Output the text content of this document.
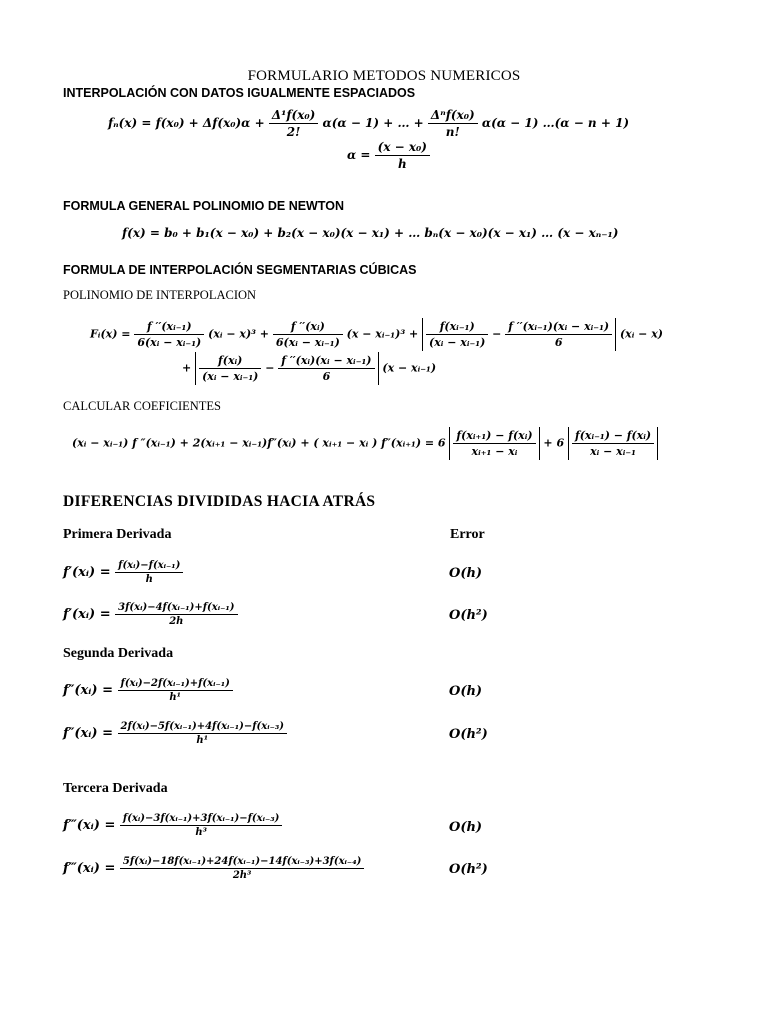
FORMULARIO METODOS NUMERICOS
INTERPOLACIÓN CON DATOS IGUALMENTE ESPACIADOS
$f_n(x) = f(x_0) + \Delta f(x_0)\alpha + \frac{\text{Δ¹f(x₀)}}{2!} \alpha(\alpha - 1)$ + … + $\frac{\text{Δⁿf(x₀)}}{n!} \alpha(\alpha - 1)$ …(α − n + 1)
$\alpha = \frac{\text{(x − x₀)}}{h}$
FORMULA GENERAL POLINOMIO DE NEWTON
f(x) = b₀ + b₁(x − x₀) + b₂(x − x₀)(x − x₁) + … bₙ(x − x₀)(x − x₁) … (x − xₙ₋₁)
FORMULA DE INTERPOLACIÓN SEGMENTARIAS CÚBICAS
POLINOMIO DE INTERPOLACION
Fᵢ(x) = $\frac{\text{f ′′(xᵢ₋₁)}}{\text{6(xᵢ − xᵢ₋₁)}}$ (xᵢ − $x)^3 + \frac{\text{f ′′(xᵢ)}}{\text{6(xᵢ − xᵢ₋₁)}} (x$ − xᵢ₋₁)³ + $\frac{\text{f(xᵢ₋₁)}}{\text{(xᵢ − xᵢ₋₁)}} - \frac{\text{f ′′(xᵢ₋₁)(xᵢ − xᵢ₋₁)}}{6}$ (xᵢ − x)
+ $\frac{\text{f(xᵢ)}}{\text{(xᵢ − xᵢ₋₁)}} - \frac{\text{f ′′(xᵢ)(xᵢ − xᵢ₋₁)}}{6} (x$ − xᵢ₋₁)
CALCULAR COEFICIENTES
(xᵢ − xᵢ₋₁) f ″(xᵢ₋₁) + 2(xᵢ₊₁ − xᵢ₋₁)f″(xᵢ) + ( xᵢ₊₁ − xᵢ ) f″(xᵢ₊₁) = $6 \frac{\text{f(xᵢ₊₁) − f(xᵢ)}}{\text{xᵢ₊₁ − xᵢ}} + 6 \frac{\text{f(xᵢ₋₁) − f(xᵢ)}}{\text{xᵢ − xᵢ₋₁}}$
DIFERENCIAS DIVIDIDAS HACIA ATRÁS
Primera Derivada	Error
f′(xᵢ) = $\frac{\text{f(xᵢ)−f(xᵢ₋₁)}}{h}$	O(h)
f′(xᵢ) = $\frac{\text{3f(xᵢ)−4f(xᵢ₋₁)+f(xᵢ₋₁)}}{2h}$	O(h²)
Segunda Derivada
f″(xᵢ) = $\frac{\text{f(xᵢ)−2f(xᵢ₋₁)+f(xᵢ₋₁)}}{\text{h¹}}$	O(h)
f″(xᵢ) = $\frac{\text{2f(xᵢ)−5f(xᵢ₋₁)+4f(xᵢ₋₁)−f(xᵢ₋₃)}}{\text{h¹}}$	O(h²)
Tercera Derivada
f‴(xᵢ) = $\frac{\text{f(xᵢ)−3f(xᵢ₋₁)+3f(xᵢ₋₁)−f(xᵢ₋₃)}}{\text{h³}}$	O(h)
f‴(xᵢ) = $\frac{\text{5f(xᵢ)−18f(xᵢ₋₁)+24f(xᵢ₋₁)−14f(xᵢ₋₃)+3f(xᵢ₋₄)}}{\text{2h³}}$	O(h²)
